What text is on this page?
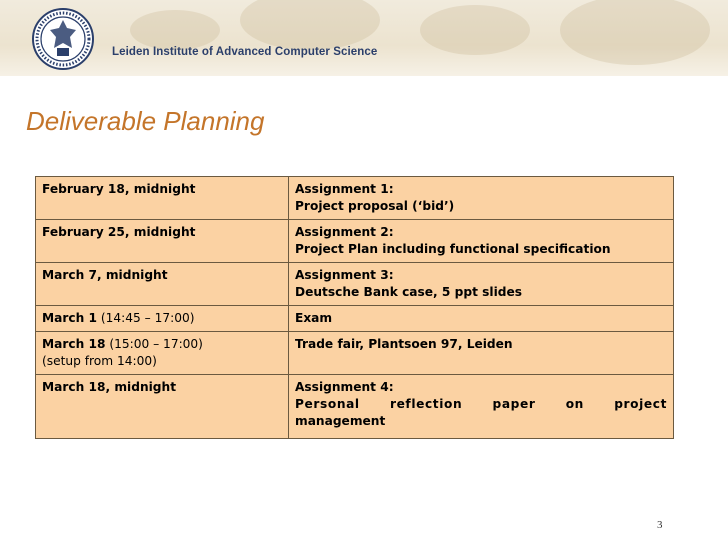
Leiden Institute of Advanced Computer Science
Deliverable Planning
February 18, midnight	Assignment 1:
Project proposal (‘bid’)

February 25, midnight	Assignment 2:
Project Plan including functional specification

March 7, midnight	Assignment 3:
Deutsche Bank case, 5 ppt slides

March 1 (14:45 – 17:00)	Exam

March 18 (15:00 – 17:00)
(setup from 14:00)	Trade fair, Plantsoen 97, Leiden

March 18, midnight	Assignment 4:
Personal reflection paper on project
management
3
